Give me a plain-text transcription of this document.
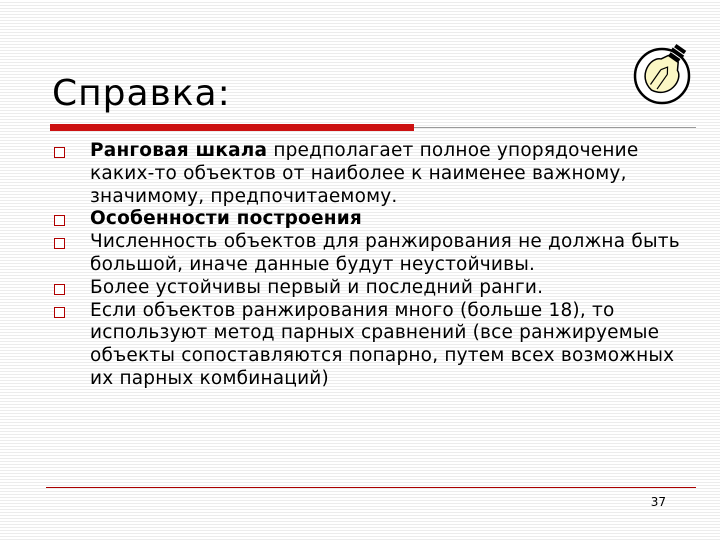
Справка:
Ранговая шкала предполагает полное упорядочение каких-то объектов от наиболее к наименее важному, значимому, предпочитаемому.
Особенности построения
Численность объектов для ранжирования не должна быть большой, иначе данные будут неустойчивы.
Более устойчивы первый и последний ранги.
Если объектов ранжирования много (больше 18), то используют метод парных сравнений (все ранжируемые объекты сопоставляются попарно, путем всех возможных их парных комбинаций)
37
